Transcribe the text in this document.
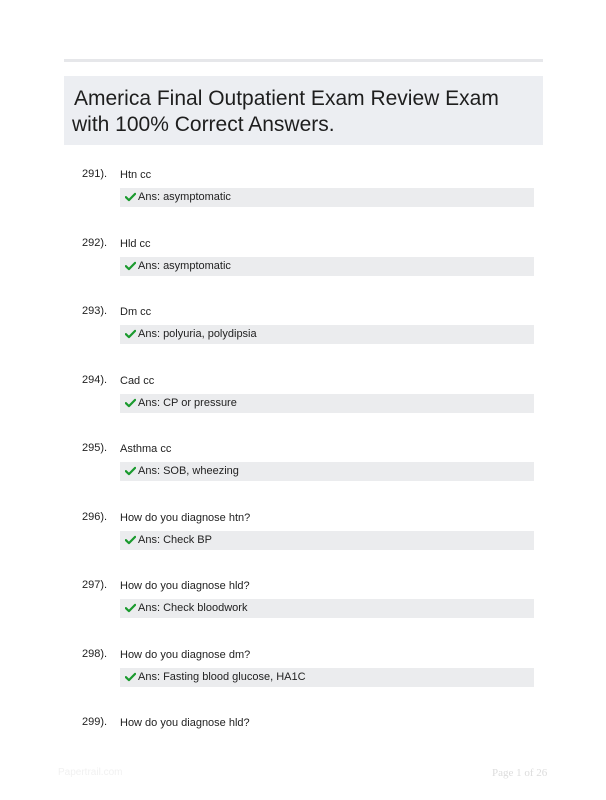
America Final Outpatient Exam Review Exam
with 100% Correct Answers.
291). Htn cc
Ans: asymptomatic
292). Hld cc
Ans: asymptomatic
293). Dm cc
Ans: polyuria, polydipsia
294). Cad cc
Ans: CP or pressure
295). Asthma cc
Ans: SOB, wheezing
296). How do you diagnose htn?
Ans: Check BP
297). How do you diagnose hld?
Ans: Check bloodwork
298). How do you diagnose dm?
Ans: Fasting blood glucose, HA1C
299). How do you diagnose hld?
Papertrail.com	Page 1 of 26
